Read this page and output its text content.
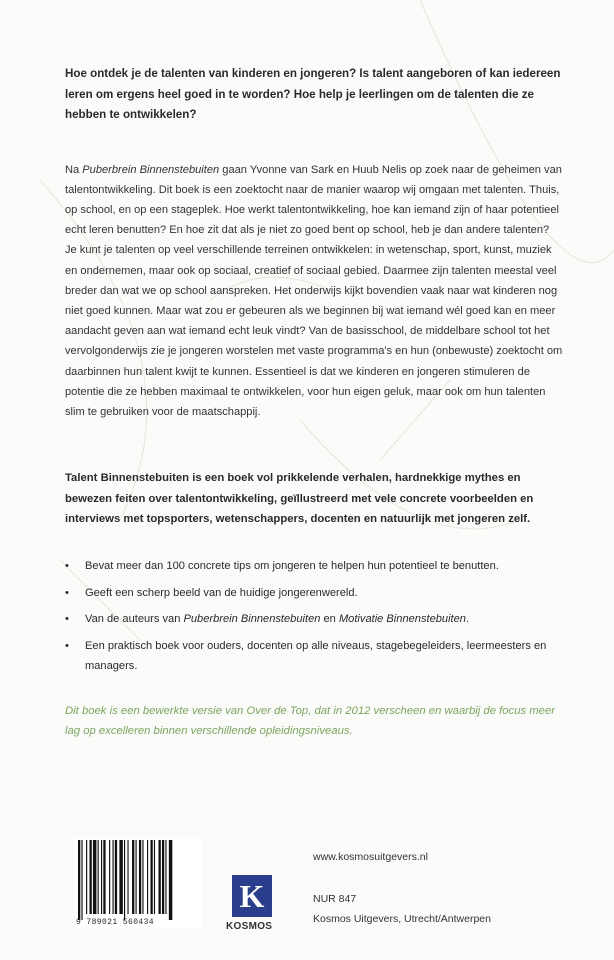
Hoe ontdek je de talenten van kinderen en jongeren? Is talent aangeboren of kan iedereen leren om ergens heel goed in te worden? Hoe help je leerlingen om de talenten die ze hebben te ontwikkelen?

Na Puberbrein Binnenstebuiten gaan Yvonne van Sark en Huub Nelis op zoek naar de geheimen van talentontwikkeling. Dit boek is een zoektocht naar de manier waarop wij omgaan met talenten. Thuis, op school, en op een stageplek. Hoe werkt talentontwikkeling, hoe kan iemand zijn of haar potentieel echt leren benutten? En hoe zit dat als je niet zo goed bent op school, heb je dan andere talenten?

Je kunt je talenten op veel verschillende terreinen ontwikkelen: in wetenschap, sport, kunst, muziek en ondernemen, maar ook op sociaal, creatief of sociaal gebied. Daarmee zijn talenten meestal veel breder dan wat we op school aanspreken. Het onderwijs kijkt bovendien vaak naar wat kinderen nog niet goed kunnen. Maar wat zou er gebeuren als we beginnen bij wat iemand wél goed kan en meer aandacht geven aan wat iemand echt leuk vindt? Van de basisschool, de middelbare school tot het vervolgonderwijs zie je jongeren worstelen met vaste programma's en hun (onbewuste) zoektocht om daarbinnen hun talent kwijt te kunnen. Essentieel is dat we kinderen en jongeren stimuleren de potentie die ze hebben maximaal te ontwikkelen, voor hun eigen geluk, maar ook om hun talenten slim te gebruiken voor de maatschappij.

Talent Binnenstebuiten is een boek vol prikkelende verhalen, hardnekkige mythes en bewezen feiten over talentontwikkeling, geïllustreerd met vele concrete voorbeelden en interviews met topsporters, wetenschappers, docenten en natuurlijk met jongeren zelf.

• Bevat meer dan 100 concrete tips om jongeren te helpen hun potentieel te benutten.
• Geeft een scherp beeld van de huidige jongerenwereld.
• Van de auteurs van Puberbrein Binnenstebuiten en Motivatie Binnenstebuiten.
• Een praktisch boek voor ouders, docenten op alle niveaus, stagebegeleiders, leermeesters en managers.

Dit boek is een bewerkte versie van Over de Top, dat in 2012 verscheen en waarbij de focus meer lag op excelleren binnen verschillende opleidingsniveaus.

9 789021 560434
K
KOSMOS
www.kosmosuitgevers.nl
NUR 847
Kosmos Uitgevers, Utrecht/Antwerpen
